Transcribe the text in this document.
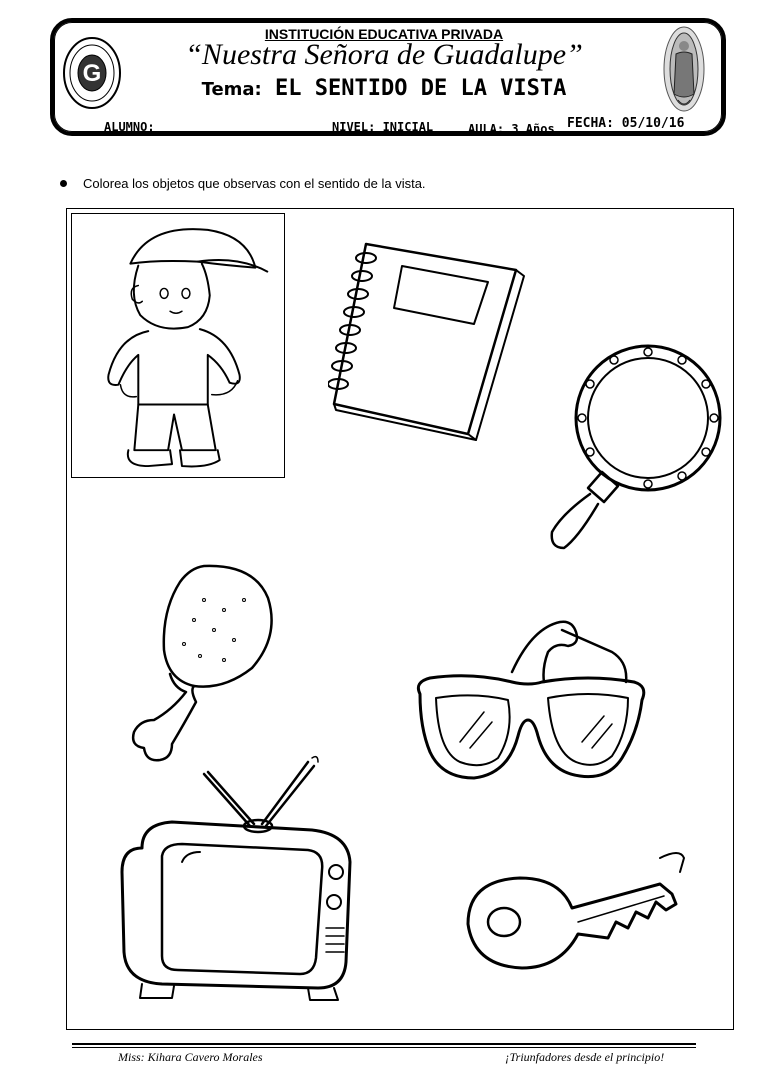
G
INSTITUCIÓN EDUCATIVA PRIVADA
“Nuestra Señora de Guadalupe”
Tema: EL SENTIDO DE LA VISTA
ALUMNO: ________________	NIVEL: INICIAL	AULA: 3 Años FECHA: 05/10/16
Colorea los objetos que observas con el sentido de la vista.
Miss: Kihara Cavero Morales	¡Triunfadores desde el principio!
